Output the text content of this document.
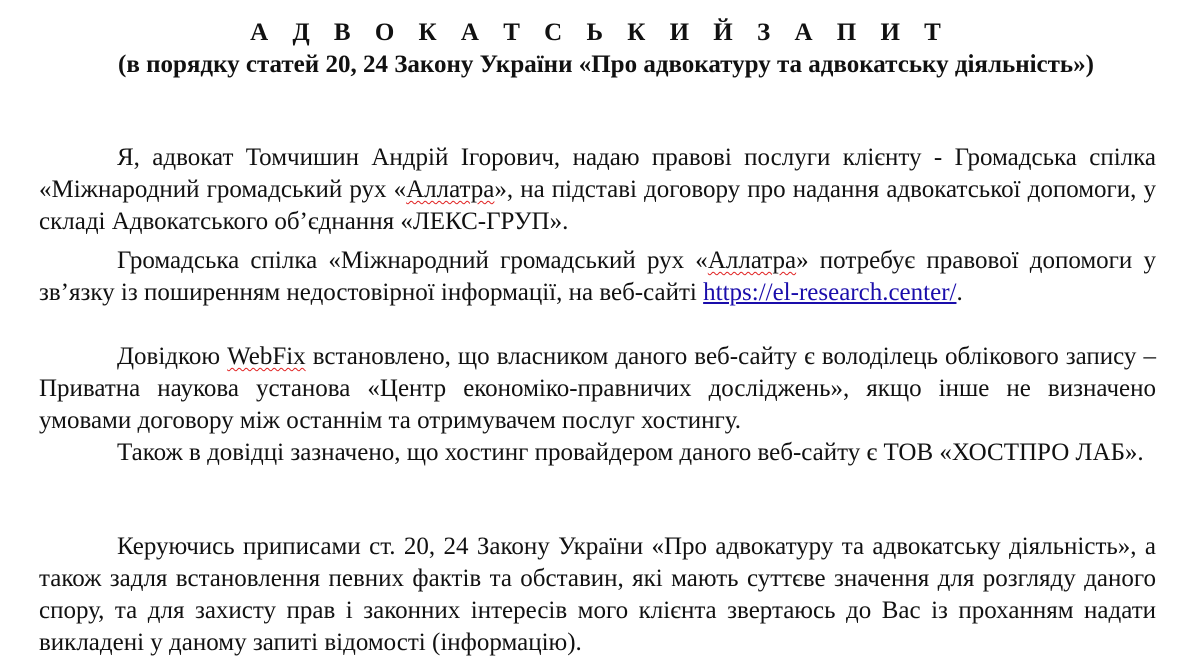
А Д В О К А Т С Ь К И Й З А П И Т
(в порядку статей 20, 24 Закону України «Про адвокатуру та адвокатську діяльність»)

Я, адвокат Томчишин Андрій Ігорович, надаю правові послуги клієнту - Громадська спілка «Міжнародний громадський рух «Аллатра», на підставі договору про надання адвокатської допомоги, у складі Адвокатського об’єднання «ЛЕКС-ГРУП».

Громадська спілка «Міжнародний громадський рух «Аллатра» потребує правової допомоги у зв’язку із поширенням недостовірної інформації, на веб-сайті https://el-research.center/.

Довідкою WebFix встановлено, що власником даного веб-сайту є володілець облікового запису – Приватна наукова установа «Центр економіко-правничих досліджень», якщо інше не визначено умовами договору між останнім та отримувачем послуг хостингу.

Також в довідці зазначено, що хостинг провайдером даного веб-сайту є ТОВ «ХОСТПРО ЛАБ».

Керуючись приписами ст. 20, 24 Закону України «Про адвокатуру та адвокатську діяльність», а також задля встановлення певних фактів та обставин, які мають суттєве значення для розгляду даного спору, та для захисту прав і законних інтересів мого клієнта звертаюсь до Вас із проханням надати викладені у даному запиті відомості (інформацію).
